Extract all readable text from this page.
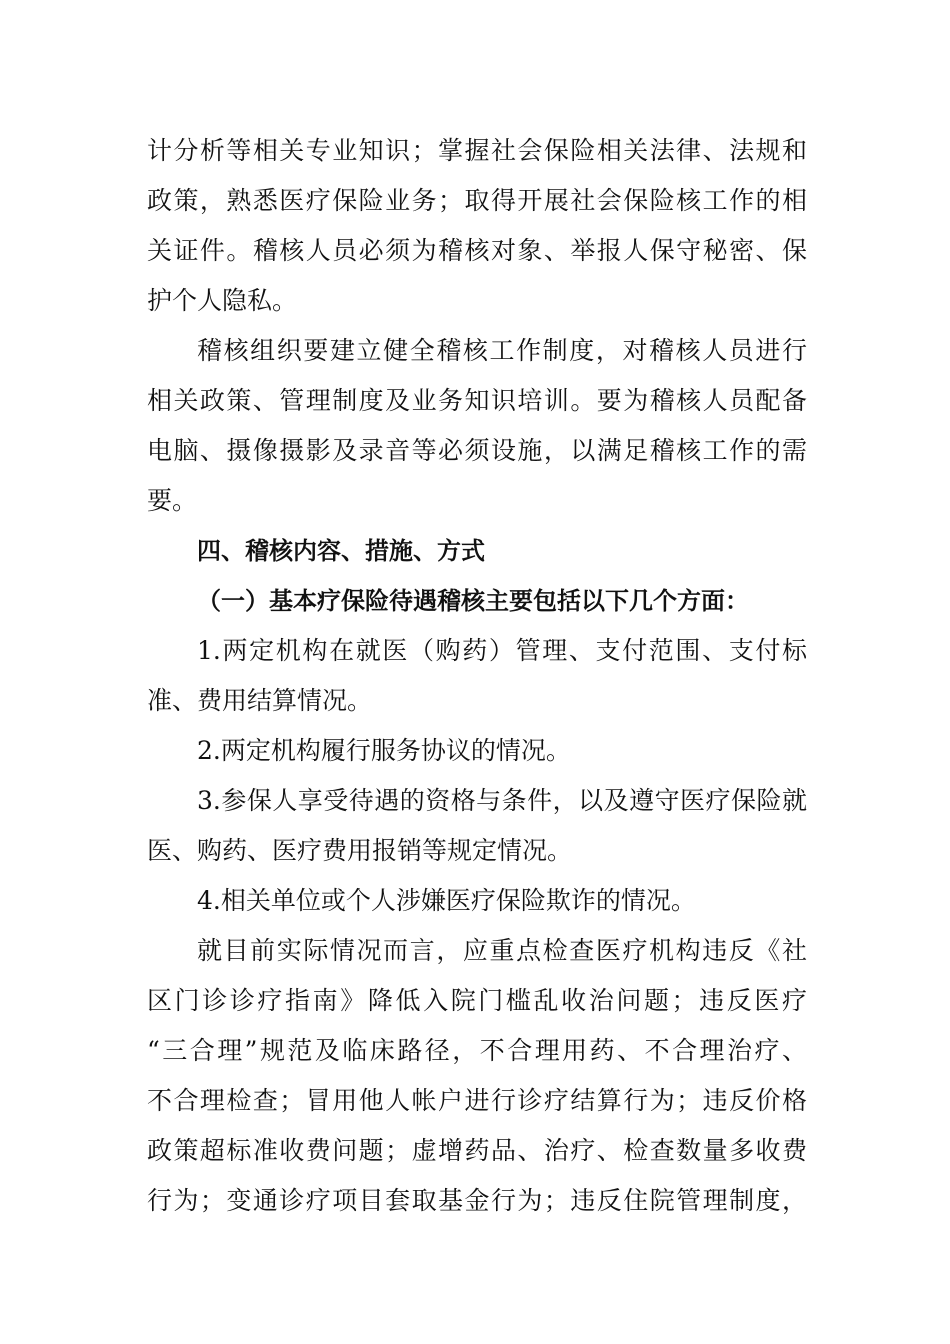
计分析等相关专业知识；掌握社会保险相关法律、法规和
政策，熟悉医疗保险业务；取得开展社会保险核工作的相
关证件。稽核人员必须为稽核对象、举报人保守秘密、保
护个人隐私。
稽核组织要建立健全稽核工作制度，对稽核人员进行
相关政策、管理制度及业务知识培训。要为稽核人员配备
电脑、摄像摄影及录音等必须设施，以满足稽核工作的需
要。
四、稽核内容、措施、方式
（一）基本疗保险待遇稽核主要包括以下几个方面：
1.两定机构在就医（购药）管理、支付范围、支付标
准、费用结算情况。
2.两定机构履行服务协议的情况。
3.参保人享受待遇的资格与条件，以及遵守医疗保险就
医、购药、医疗费用报销等规定情况。
4.相关单位或个人涉嫌医疗保险欺诈的情况。
就目前实际情况而言，应重点检查医疗机构违反《社
区门诊诊疗指南》降低入院门槛乱收治问题；违反医疗
“三合理”规范及临床路径，不合理用药、不合理治疗、
不合理检查；冒用他人帐户进行诊疗结算行为；违反价格
政策超标准收费问题；虚增药品、治疗、检查数量多收费
行为；变通诊疗项目套取基金行为；违反住院管理制度，
